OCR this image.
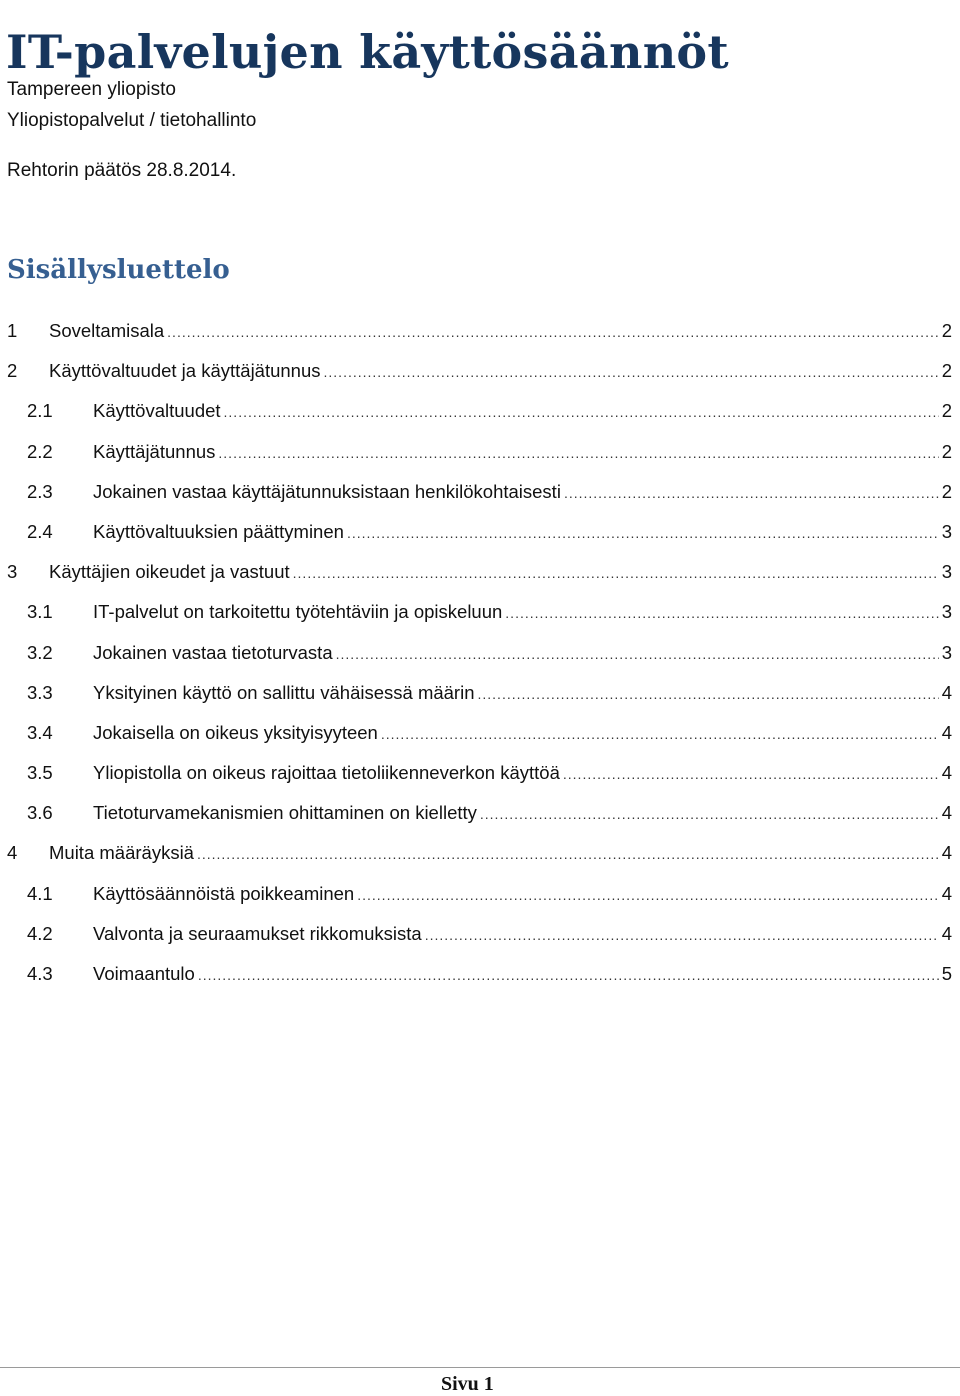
IT-palvelujen käyttösäännöt
Tampereen yliopisto
Yliopistopalvelut / tietohallinto
Rehtorin päätös 28.8.2014.
Sisällysluettelo
1 Soveltamisala .....	2
2 Käyttövaltuudet ja käyttäjätunnus .....	2
2.1 Käyttövaltuudet .....	2
2.2 Käyttäjätunnus .....	2
2.3 Jokainen vastaa käyttäjätunnuksistaan henkilökohtaisesti .....	2
2.4 Käyttövaltuuksien päättyminen .....	3
3 Käyttäjien oikeudet ja vastuut .....	3
3.1 IT-palvelut on tarkoitettu työtehtäviin ja opiskeluun .....	3
3.2 Jokainen vastaa tietoturvasta .....	3
3.3 Yksityinen käyttö on sallittu vähäisessä määrin .....	4
3.4 Jokaisella on oikeus yksityisyyteen .....	4
3.5 Yliopistolla on oikeus rajoittaa tietoliikenneverkon käyttöä .....	4
3.6 Tietoturvamekanismien ohittaminen on kielletty .....	4
4 Muita määräyksiä .....	4
4.1 Käyttösäännöistä poikkeaminen .....	4
4.2 Valvonta ja seuraamukset rikkomuksista .....	4
4.3 Voimaantulo .....	5
Sivu 1
